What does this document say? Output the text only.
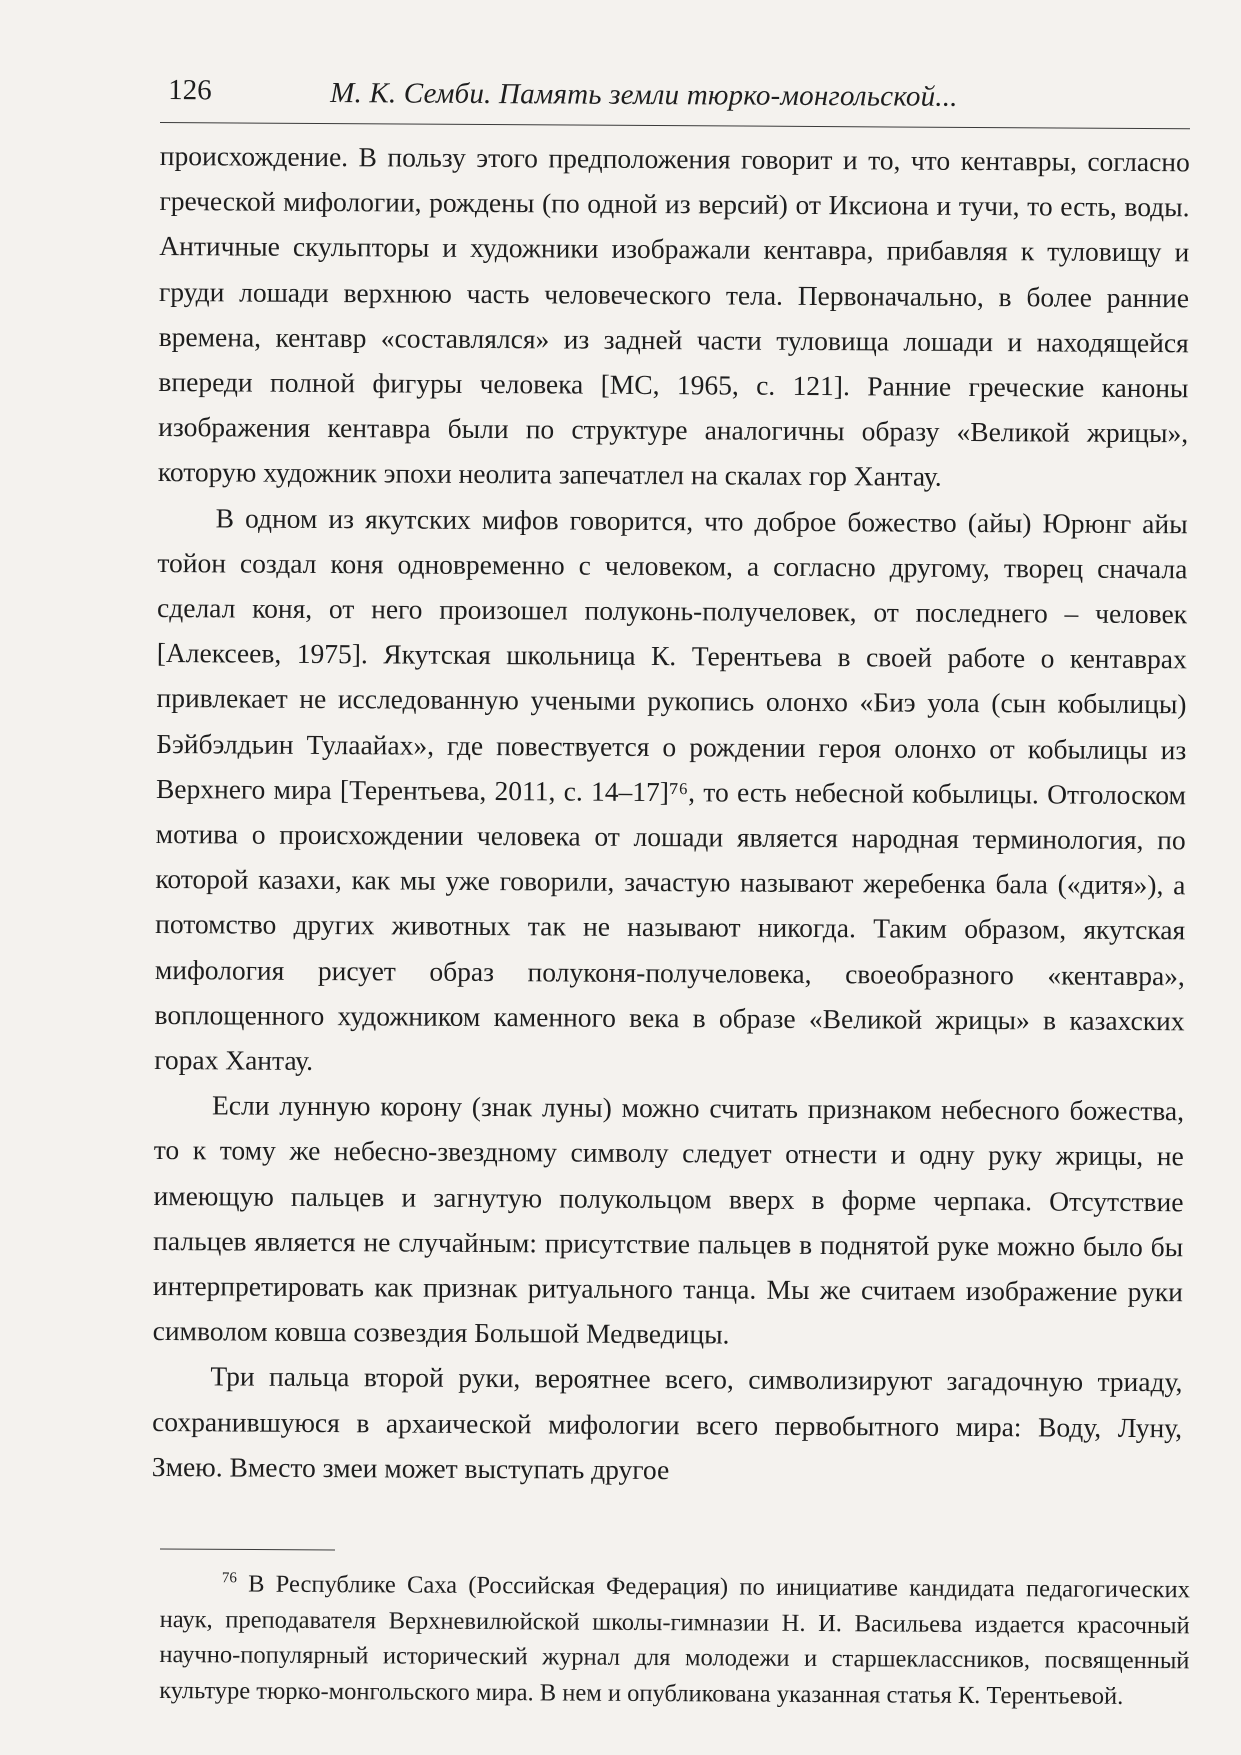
126	М. К. Семби. Память земли тюрко-монгольской...

происхождение. В пользу этого предположения говорит и то, что кентавры, согласно греческой мифологии, рождены (по одной из версий) от Иксиона и тучи, то есть, воды. Античные скульпторы и художники изображали кентавра, прибавляя к туловищу и груди лошади верхнюю часть человеческого тела. Первоначально, в более ранние времена, кентавр «составлялся» из задней части туловища лошади и находящейся впереди полной фигуры человека [МС, 1965, с. 121]. Ранние греческие каноны изображения кентавра были по структуре аналогичны образу «Великой жрицы», которую художник эпохи неолита запечатлел на скалах гор Хантау.

В одном из якутских мифов говорится, что доброе божество (айы) Юрюнг айы тойон создал коня одновременно с человеком, а согласно другому, творец сначала сделал коня, от него произошел полуконь-получеловек, от последнего – человек [Алексеев, 1975]. Якутская школьница К. Терентьева в своей работе о кентаврах привлекает не исследованную учеными рукопись олонхо «Биэ уола (сын кобылицы) Бэйбэлдьин Тулаайах», где повествуется о рождении героя олонхо от кобылицы из Верхнего мира [Терентьева, 2011, с. 14–17]⁷⁶, то есть небесной кобылицы. Отголоском мотива о происхождении человека от лошади является народная терминология, по которой казахи, как мы уже говорили, зачастую называют жеребенка бала («дитя»), а потомство других животных так не называют никогда. Таким образом, якутская мифология рисует образ полуконя-получеловека, своеобразного «кентавра», воплощенного художником каменного века в образе «Великой жрицы» в казахских горах Хантау.

Если лунную корону (знак луны) можно считать признаком небесного божества, то к тому же небесно-звездному символу следует отнести и одну руку жрицы, не имеющую пальцев и загнутую полукольцом вверх в форме черпака. Отсутствие пальцев является не случайным: присутствие пальцев в поднятой руке можно было бы интерпретировать как признак ритуального танца. Мы же считаем изображение руки символом ковша созвездия Большой Медведицы.

Три пальца второй руки, вероятнее всего, символизируют загадочную триаду, сохранившуюся в архаической мифологии всего первобытного мира: Воду, Луну, Змею. Вместо змеи может выступать другое

$^{76}$ В Республике Саха (Российская Федерация) по инициативе кандидата педагогических наук, преподавателя Верхневилюйской школы-гимназии Н. И. Васильева издается красочный научно-популярный исторический журнал для молодежи и старшеклассников, посвященный культуре тюрко-монгольского мира. В нем и опубликована указанная статья К. Терентьевой.
